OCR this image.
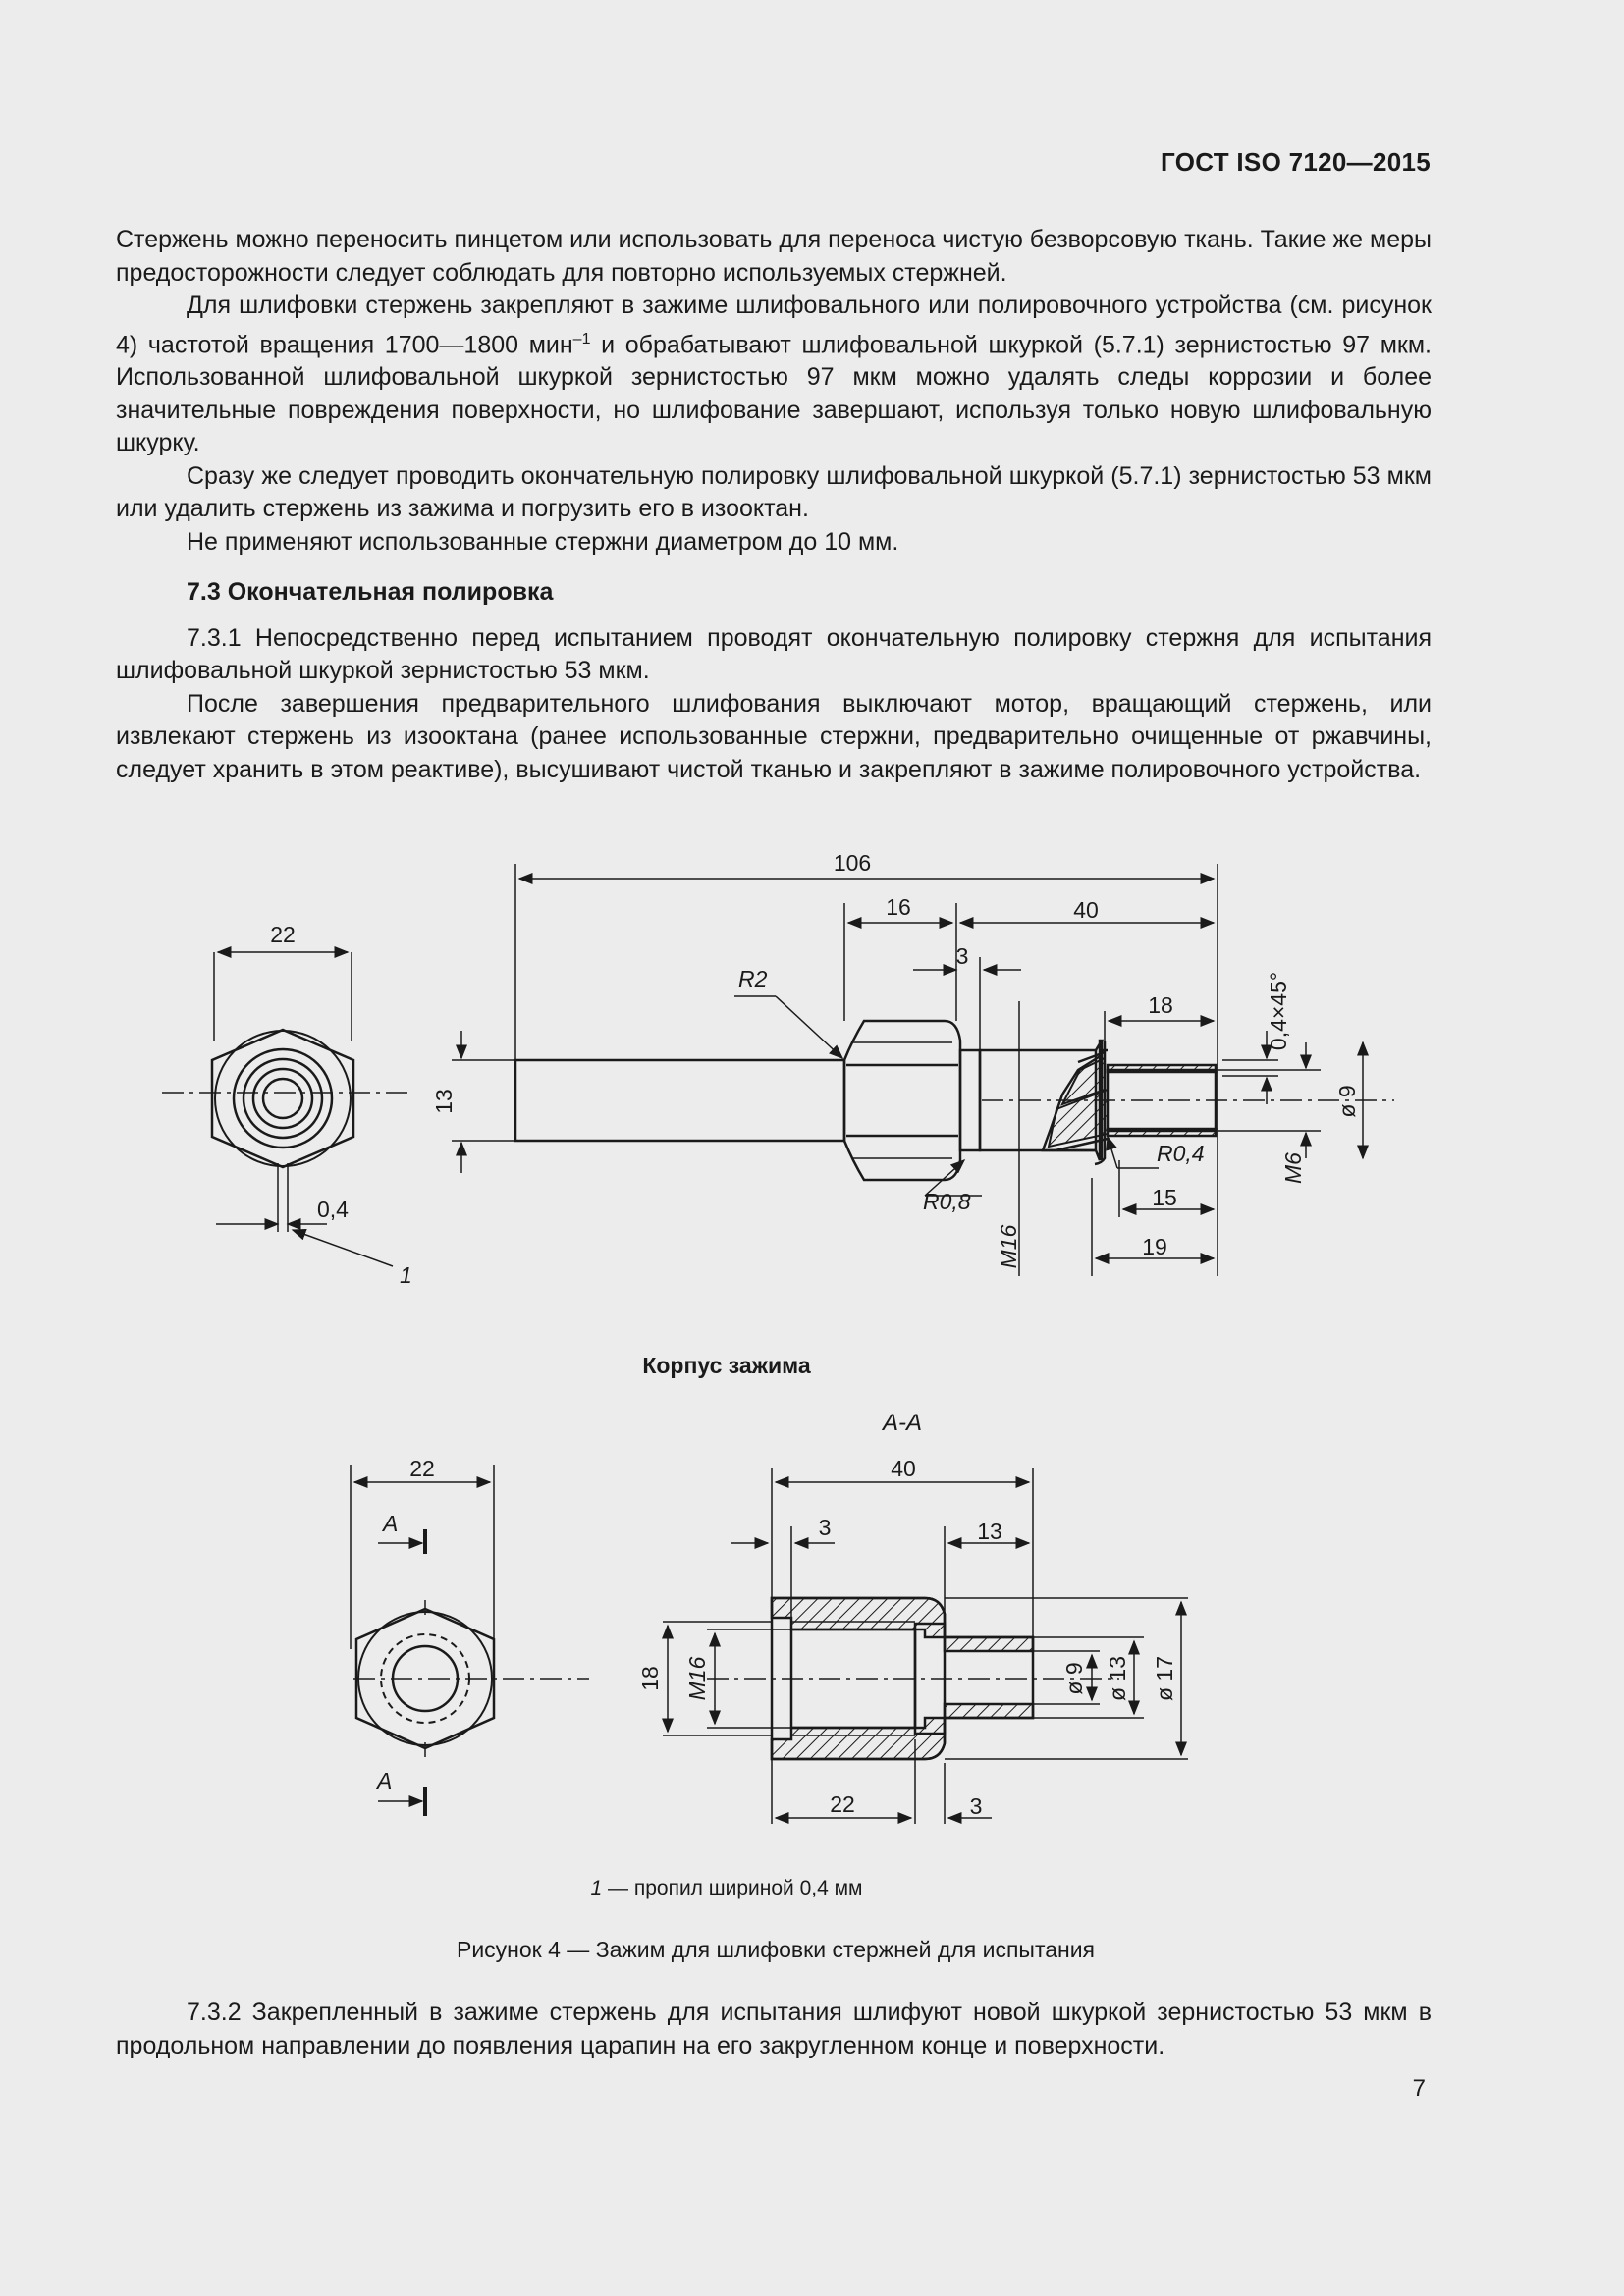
ГОСТ ISO 7120—2015

Стержень можно переносить пинцетом или использовать для переноса чистую безворсовую ткань. Такие же меры предосторожности следует соблюдать для повторно используемых стержней.

Для шлифовки стержень закрепляют в зажиме шлифовального или полировочного устройства (см. рисунок 4) частотой вращения 1700—1800 мин$^{-1}$ и обрабатывают шлифовальной шкуркой (5.7.1) зернистостью 97 мкм. Использованной шлифовальной шкуркой зернистостью 97 мкм можно удалять следы коррозии и более значительные повреждения поверхности, но шлифование завершают, используя только новую шлифовальную шкурку.

Сразу же следует проводить окончательную полировку шлифовальной шкуркой (5.7.1) зернистостью 53 мкм или удалить стержень из зажима и погрузить его в изооктан.

Не применяют использованные стержни диаметром до 10 мм.

7.3 Окончательная полировка

7.3.1 Непосредственно перед испытанием проводят окончательную полировку стержня для испытания шлифовальной шкуркой зернистостью 53 мкм.

После завершения предварительного шлифования выключают мотор, вращающий стержень, или извлекают стержень из изооктана (ранее использованные стержни, предварительно очищенные от ржавчины, следует хранить в этом реактиве), высушивают чистой тканью и закрепляют в зажиме полировочного устройства.

22
0,4
1
106
16	40
3
18	0,4×45°
13
R2
R0,8
R0,4
M16
M6
ø 9
15
19
22
A
A
40
3	13
18 M16	ø 9 ø 13 ø 17
22	3
Корпус зажима
A-A
1 — пропил шириной 0,4 мм
Рисунок 4 — Зажим для шлифовки стержней для испытания

7.3.2 Закрепленный в зажиме стержень для испытания шлифуют новой шкуркой зернистостью 53 мкм в продольном направлении до появления царапин на его закругленном конце и поверхности.

7
